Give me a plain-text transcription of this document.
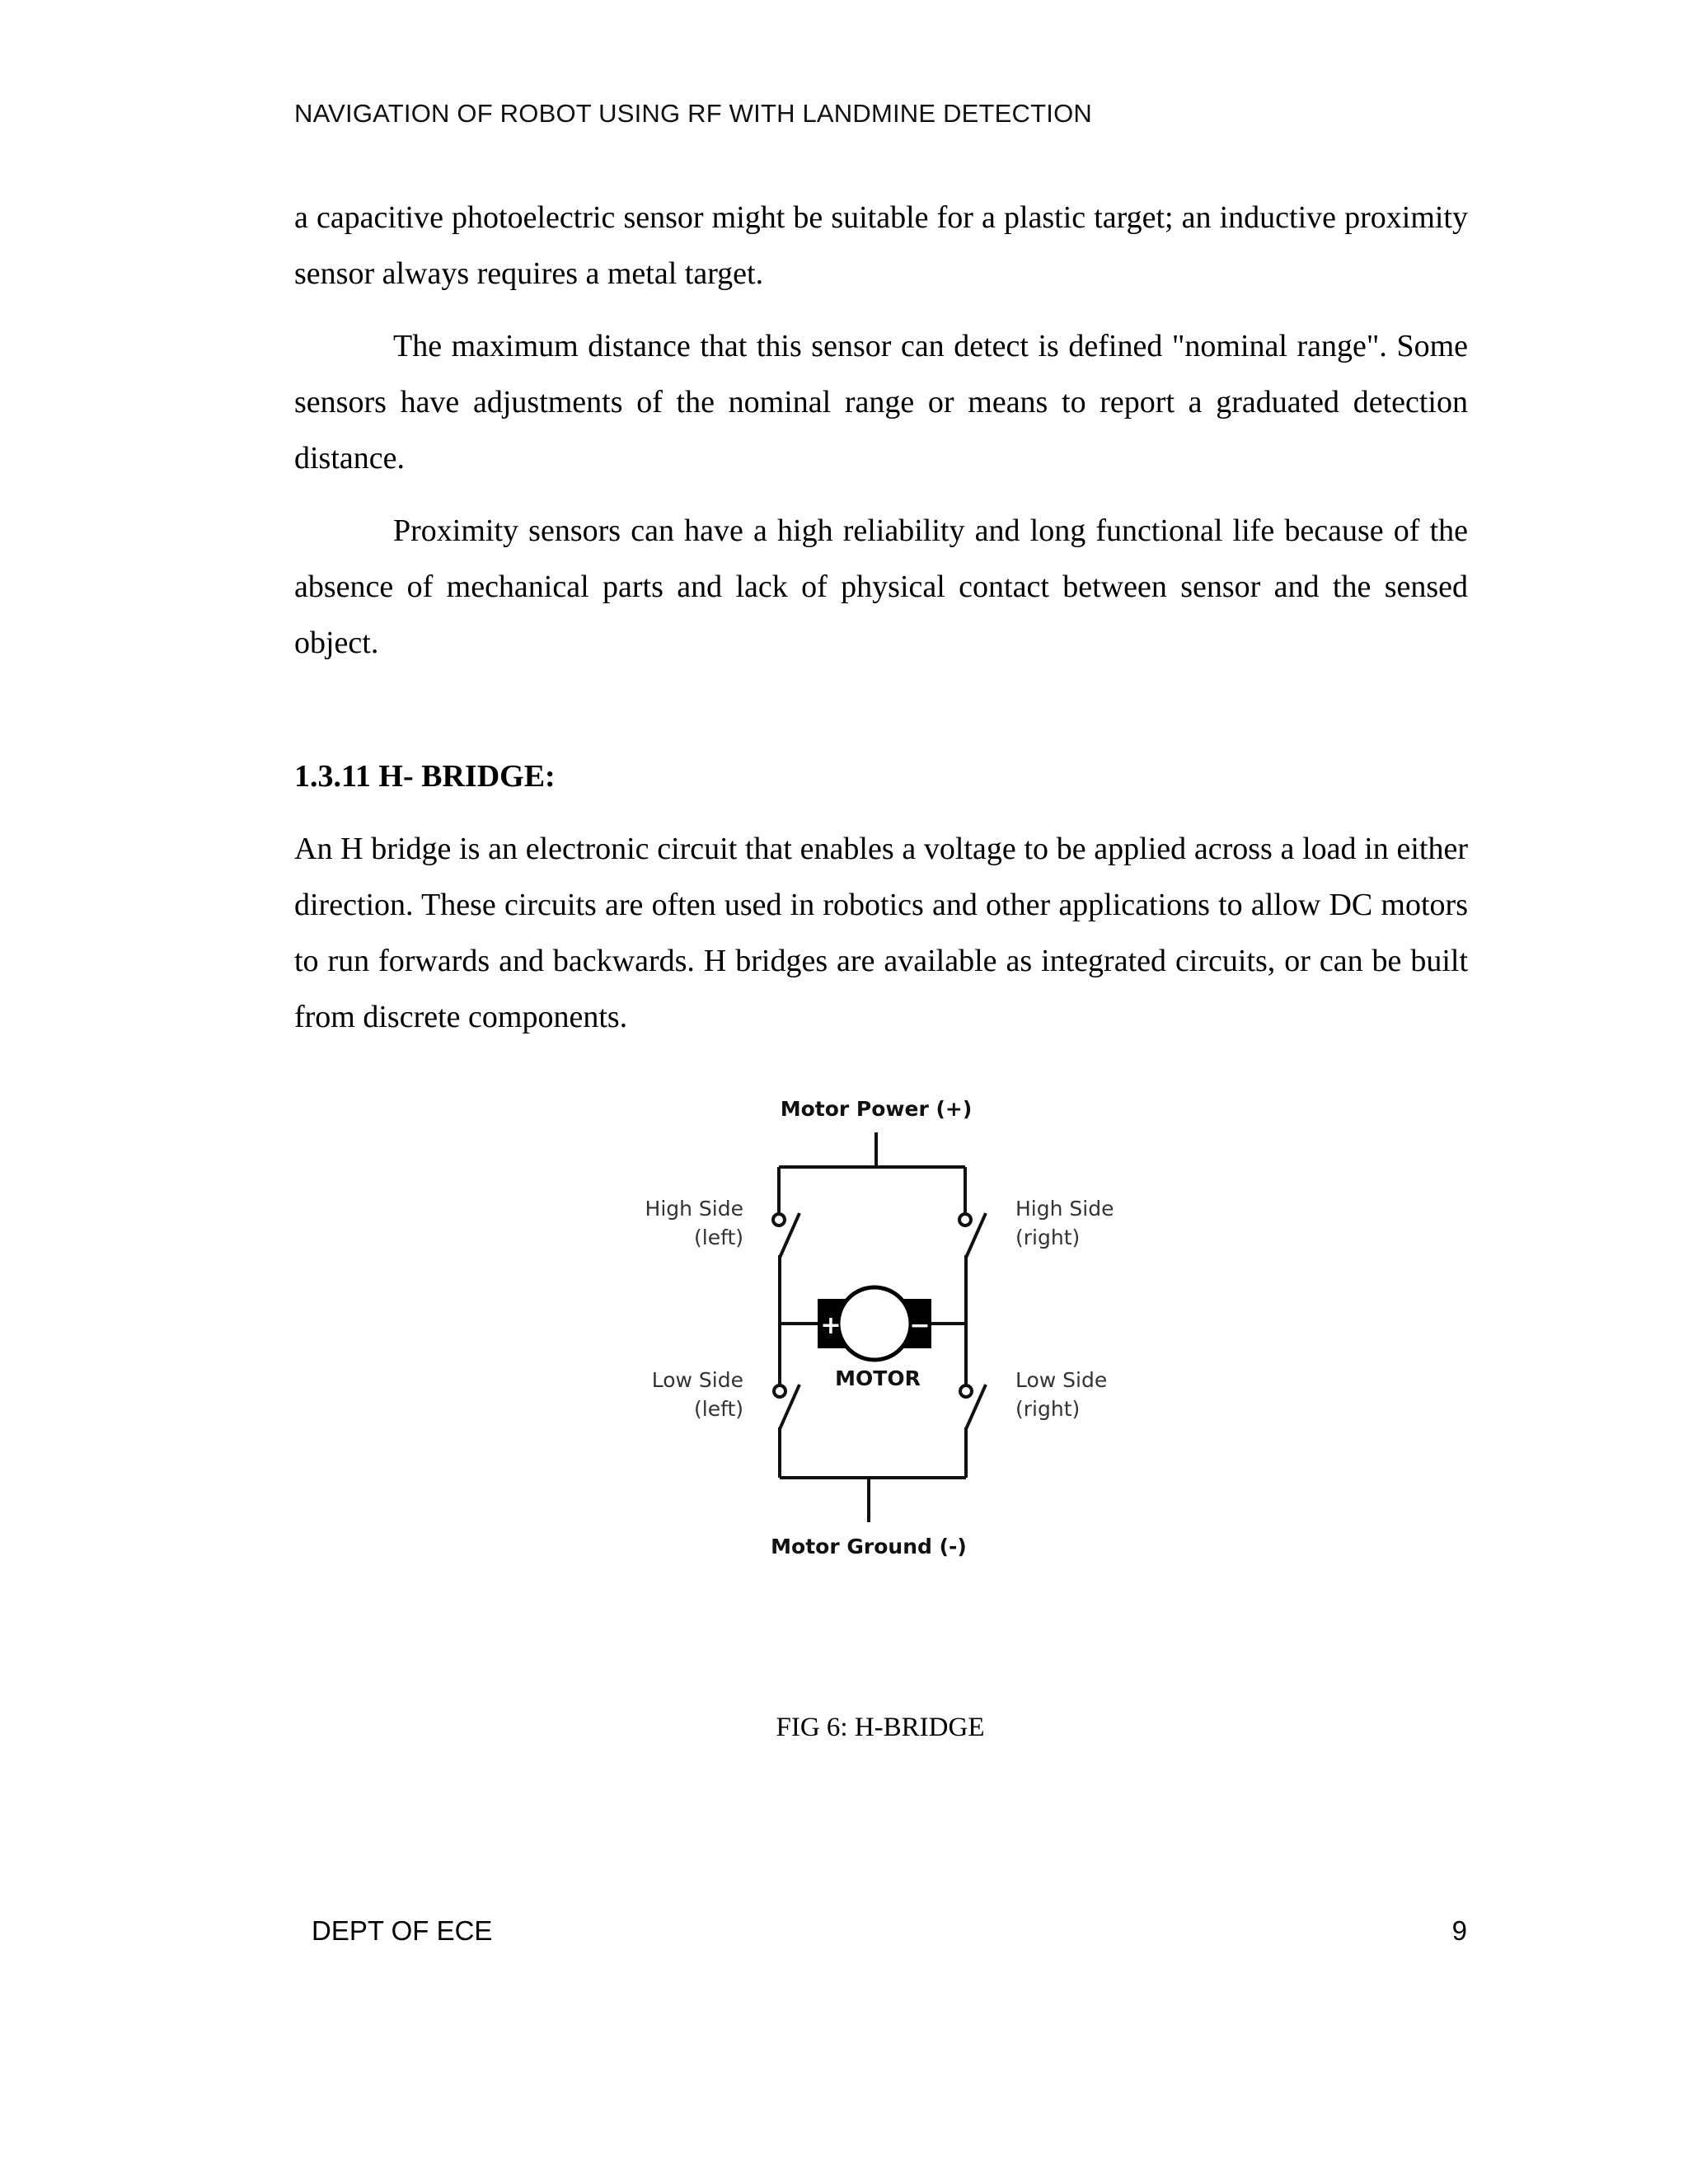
NAVIGATION OF ROBOT USING RF WITH LANDMINE DETECTION

a capacitive photoelectric sensor might be suitable for a plastic target; an inductive proximity sensor always requires a metal target.

The maximum distance that this sensor can detect is defined "nominal range". Some sensors have adjustments of the nominal range or means to report a graduated detection distance.

Proximity sensors can have a high reliability and long functional life because of the absence of mechanical parts and lack of physical contact between sensor and the sensed object.

1.3.11 H- BRIDGE:

An H bridge is an electronic circuit that enables a voltage to be applied across a load in either direction. These circuits are often used in robotics and other applications to allow DC motors to run forwards and backwards. H bridges are available as integrated circuits, or can be built from discrete components.

Motor Power (+)
+	−
MOTOR
High Side
(left)
High Side
(right)
Low Side
(left)
Low Side
(right)
Motor Ground (-)
FIG 6: H-BRIDGE
DEPT OF ECE	9
